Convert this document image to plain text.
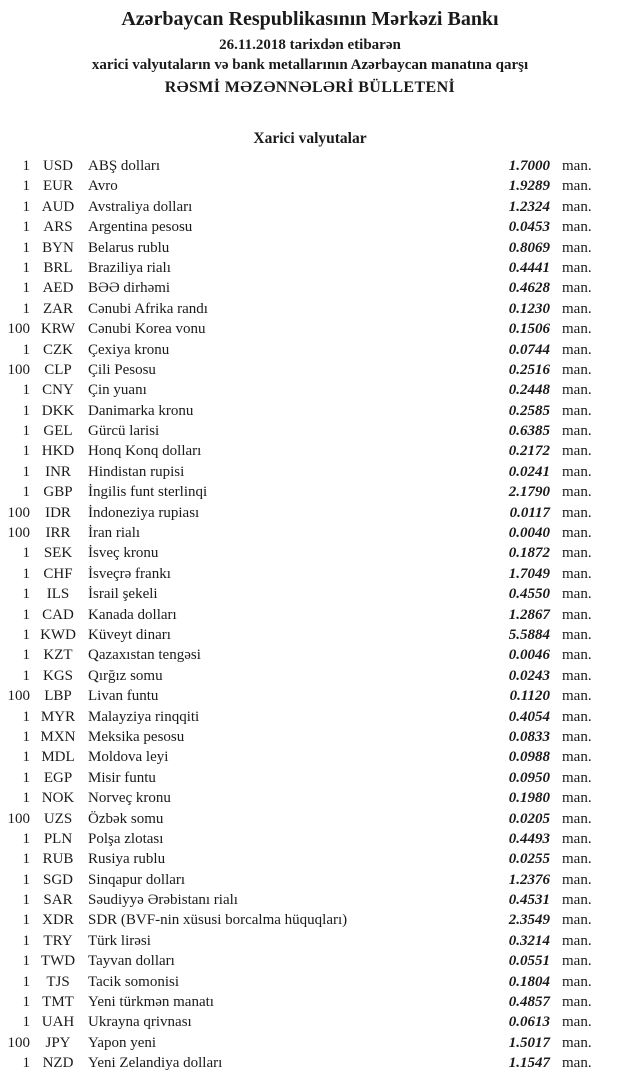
Azərbaycan Respublikasının Mərkəzi Bankı
26.11.2018 tarixdən etibarən
xarici valyutaların və bank metallarının Azərbaycan manatına qarşı
RƏSMİ MƏZƏNNƏLƏRİ BÜLLETENİ
Xarici valyutalar
1 USD	ABŞ dolları	1.7000 man.
1 EUR	Avro	1.9289 man.
1 AUD Avstraliya dolları	1.2324 man.
1 ARS	Argentina pesosu	0.0453 man.
1 BYN Belarus rublu	0.8069 man.
1 BRL	Braziliya rialı	0.4441 man.
1 AED BƏƏ dirhəmi	0.4628 man.
1 ZAR	Cənubi Afrika randı	0.1230 man.
100 KRW Cənubi Korea vonu	0.1506 man.
1 CZK	Çexiya kronu	0.0744 man.
100 CLP	Çili Pesosu	0.2516 man.
1 CNY Çin yuanı	0.2448 man.
1 DKK Danimarka kronu	0.2585 man.
1 GEL	Gürcü larisi	0.6385 man.
1 HKD Honq Konq dolları	0.2172 man.
1	INR	Hindistan rupisi	0.0241 man.
1 GBP	İngilis funt sterlinqi	2.1790 man.
100	IDR	İndoneziya rupiası	0.0117 man.
100	IRR	İran rialı	0.0040 man.
1 SEK	İsveç kronu	0.1872 man.
1 CHF	İsveçrə frankı	1.7049 man.
1	ILS	İsrail şekeli	0.4550 man.
1 CAD Kanada dolları	1.2867 man.
1 KWD Küveyt dinarı	5.5884 man.
1 KZT	Qazaxıstan tengəsi	0.0046 man.
1 KGS	Qırğız somu	0.0243 man.
100 LBP	Livan funtu	0.1120 man.
1 MYR Malayziya rinqqiti	0.4054 man.
1 MXN Meksika pesosu	0.0833 man.
1 MDL Moldova leyi	0.0988 man.
1 EGP	Misir funtu	0.0950 man.
1 NOK Norveç kronu	0.1980 man.
100 UZS	Özbək somu	0.0205 man.
1 PLN	Polşa zlotası	0.4493 man.
1 RUB Rusiya rublu	0.0255 man.
1 SGD	Sinqapur dolları	1.2376 man.
1 SAR	Səudiyyə Ərəbistanı rialı	0.4531 man.
1 XDR SDR (BVF-nin xüsusi borcalma hüquqları)	2.3549 man.
1 TRY	Türk lirəsi	0.3214 man.
1 TWD Tayvan dolları	0.0551 man.
1	TJS	Tacik somonisi	0.1804 man.
1 TMT Yeni türkmən manatı	0.4857 man.
1 UAH Ukrayna qrivnası	0.0613 man.
100	JPY	Yapon yeni	1.5017 man.
1 NZD Yeni Zelandiya dolları	1.1547 man.
